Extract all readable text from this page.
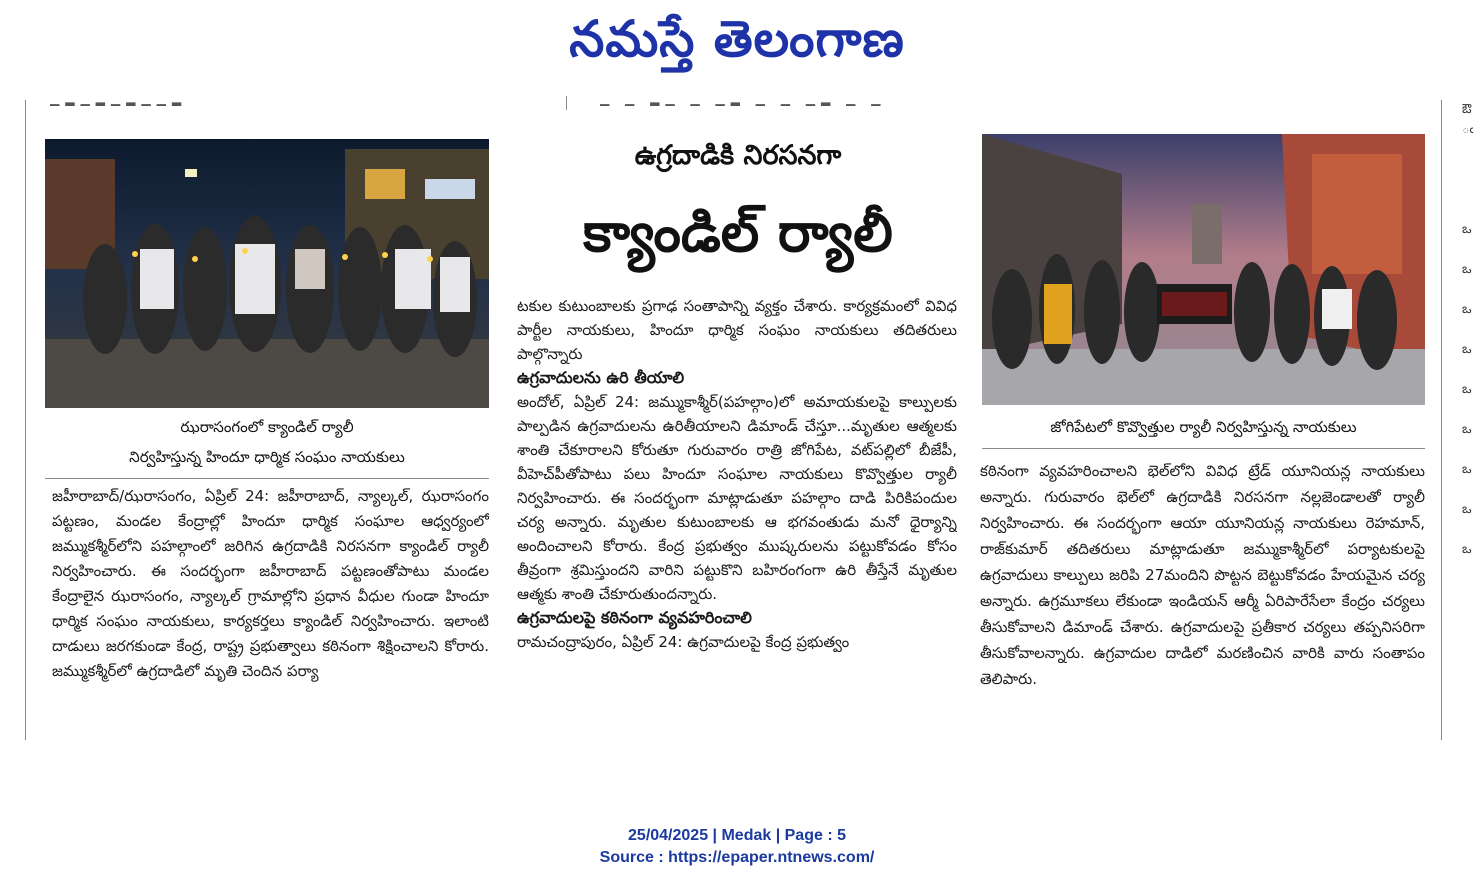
నమస్తే తెలంగాణ
▁▂▁▂▁▂▁▁▂	▁ ▁ ▂▁ ▁ ▁▂ ▁ ▁ ▁▂ ▁ ▁
ఝరాసంగంలో క్యాండిల్ ర్యాలీ
నిర్వహిస్తున్న హిందూ ధార్మిక సంఘం నాయకులు

జహీరాబాద్/ఝరాసంగం, ఏప్రిల్ 24: జహీరాబాద్, న్యాల్కల్, ఝరాసంగం పట్టణం, మండల కేంద్రాల్లో హిందూ ధార్మిక సంఘాల ఆధ్వర్యంలో జమ్ముకశ్మీర్‌లోని పహల్గాంలో జరిగిన ఉగ్రదాడికి నిరసనగా క్యాండిల్ ర్యాలీ నిర్వహించారు. ఈ సందర్భంగా జహీరాబాద్ పట్టణంతోపాటు మండల కేంద్రాలైన ఝరాసంగం, న్యాల్కల్ గ్రామాల్లోని ప్రధాన వీధుల గుండా హిందూ ధార్మిక సంఘం నాయకులు, కార్యకర్తలు క్యాండిల్ నిర్వహించారు. ఇలాంటి దాడులు జరగకుండా కేంద్ర, రాష్ట్ర ప్రభుత్వాలు కఠినంగా శిక్షించాలని కోరారు. జమ్ముకశ్మీర్‌లో ఉగ్రదాడిలో మృతి చెందిన పర్యా

ఉగ్రదాడికి నిరసనగా
క్యాండిల్ ర్యాలీ

టకుల కుటుంబాలకు ప్రగాఢ సంతాపాన్ని వ్యక్తం చేశారు. కార్యక్రమంలో వివిధ పార్టీల నాయకులు, హిందూ ధార్మిక సంఘం నాయకులు తదితరులు పాల్గొన్నారు

ఉగ్రవాదులను ఉరి తీయాలి

అందోల్, ఏప్రిల్ 24: జమ్ముకాశ్మీర్(పహల్గాం)లో అమాయకులపై కాల్పులకు పాల్పడిన ఉగ్రవాదులను ఉరితీయాలని డిమాండ్ చేస్తూ...మృతుల ఆత్మలకు శాంతి చేకూరాలని కోరుతూ గురువారం రాత్రి జోగిపేట, వట్‌పల్లిలో బీజేపీ, వీహెచ్‌పీతోపాటు పలు హిందూ సంఘాల నాయకులు కొవ్వొత్తుల ర్యాలీ నిర్వహించారు. ఈ సందర్భంగా మాట్లాడుతూ పహల్గాం దాడి పిరికిపందుల చర్య అన్నారు. మృతుల కుటుంబాలకు ఆ భగవంతుడు మనో ధైర్యాన్ని అందించాలని కోరారు. కేంద్ర ప్రభుత్వం ముష్కరులను పట్టుకోవడం కోసం తీవ్రంగా శ్రమిస్తుందని వారిని పట్టుకొని బహిరంగంగా ఉరి తీస్తేనే మృతుల ఆత్మకు శాంతి చేకూరుతుందన్నారు.

ఉగ్రవాదులపై కఠినంగా వ్యవహరించాలి

రామచంద్రాపురం, ఏప్రిల్ 24: ఉగ్రవాదులపై కేంద్ర ప్రభుత్వం

జోగిపేటలో కొవ్వొత్తుల ర్యాలీ నిర్వహిస్తున్న నాయకులు

కఠినంగా వ్యవహరించాలని భెల్‌లోని వివిధ ట్రేడ్ యూనియన్ల నాయకులు అన్నారు. గురువారం భెల్‌లో ఉగ్రదాడికి నిరసనగా నల్లజెండాలతో ర్యాలీ నిర్వహించారు. ఈ సందర్భంగా ఆయా యూనియన్ల నాయకులు రెహమాన్, రాజ్‌కుమార్ తదితరులు మాట్లాడుతూ జమ్ముకాశ్మీర్‌లో పర్యాటకులపై ఉగ్రవాదులు కాల్పులు జరిపి 27మందిని పొట్టన బెట్టుకోవడం హేయమైన చర్య అన్నారు. ఉగ్రమూకలు లేకుండా ఇండియన్ ఆర్మీ ఏరిపారేసేలా కేంద్రం చర్యలు తీసుకోవాలని డిమాండ్ చేశారు. ఉగ్రవాదులపై ప్రతీకార చర్యలు తప్పనిసరిగా తీసుకోవాలన్నారు. ఉగ్రవాదుల దాడిలో మరణించిన వారికి వారు సంతాపం తెలిపారు.

ఔ
ఁ

ఒ

ఒ

ఒ

ఒ

ఒ

ఒ

ఒ

ఒ

ఒ
25/04/2025 | Medak | Page : 5
Source : https://epaper.ntnews.com/
